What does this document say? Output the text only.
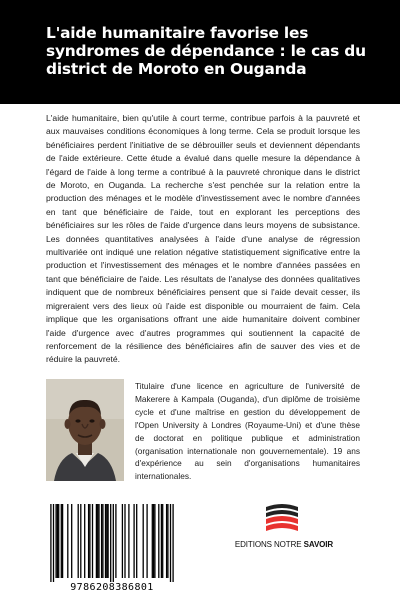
L'aide humanitaire favorise les syndromes de dépendance : le cas du district de Moroto en Ouganda

L'aide humanitaire, bien qu'utile à court terme, contribue parfois à la pauvreté et aux mauvaises conditions économiques à long terme. Cela se produit lorsque les bénéficiaires perdent l'initiative de se débrouiller seuls et deviennent dépendants de l'aide extérieure. Cette étude a évalué dans quelle mesure la dépendance à l'égard de l'aide à long terme a contribué à la pauvreté chronique dans le district de Moroto, en Ouganda. La recherche s'est penchée sur la relation entre la production des ménages et le modèle d'investissement avec le nombre d'années en tant que bénéficiaire de l'aide, tout en explorant les perceptions des bénéficiaires sur les rôles de l'aide d'urgence dans leurs moyens de subsistance. Les données quantitatives analysées à l'aide d'une analyse de régression multivariée ont indiqué une relation négative statistiquement significative entre la production et l'investissement des ménages et le nombre d'années passées en tant que bénéficiaire de l'aide. Les résultats de l'analyse des données qualitatives indiquent que de nombreux bénéficiaires pensent que si l'aide devait cesser, ils migreraient vers des lieux où l'aide est disponible ou mourraient de faim. Cela implique que les organisations offrant une aide humanitaire doivent combiner l'aide d'urgence avec d'autres programmes qui soutiennent la capacité de renforcement de la résilience des bénéficiaires afin de sauver des vies et de réduire la pauvreté.

Titulaire d'une licence en agriculture de l'université de Makerere à Kampala (Ouganda), d'un diplôme de troisième cycle et d'une maîtrise en gestion du développement de l'Open University à Londres (Royaume-Uni) et d'une thèse de doctorat en politique publique et administration (organisation internationale non gouvernementale). 19 ans d'expérience au sein d'organisations humanitaires internationales.

EDITIONS NOTRE SAVOIR

9786208386801
